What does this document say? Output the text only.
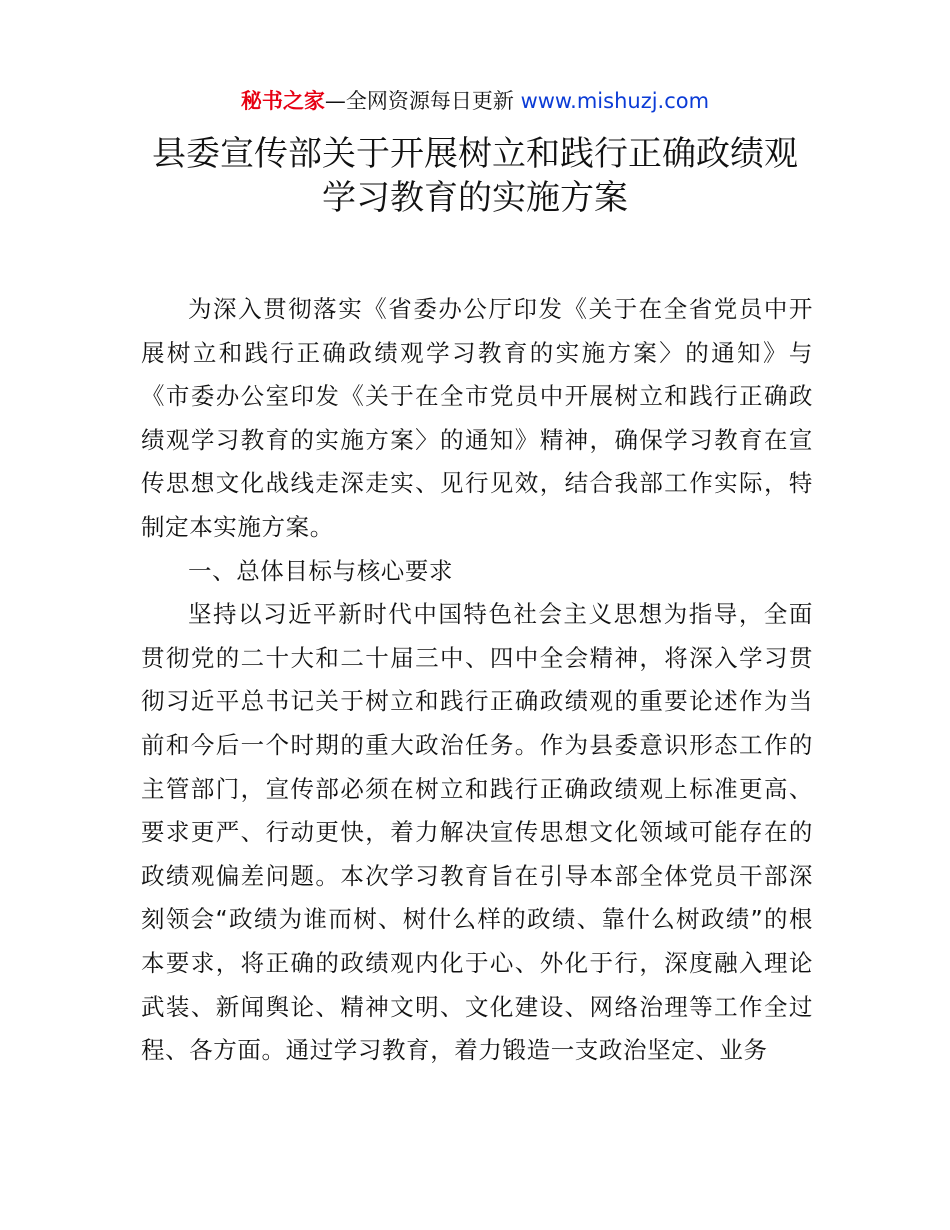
秘书之家—全网资源每日更新 www.mishuzj.com
县委宣传部关于开展树立和践行正确政绩观
学习教育的实施方案

为深入贯彻落实《省委办公厅印发《关于在全省党员中开展树立和践行正确政绩观学习教育的实施方案〉的通知》与《市委办公室印发《关于在全市党员中开展树立和践行正确政绩观学习教育的实施方案〉的通知》精神，确保学习教育在宣传思想文化战线走深走实、见行见效，结合我部工作实际，特制定本实施方案。

一、总体目标与核心要求

坚持以习近平新时代中国特色社会主义思想为指导，全面贯彻党的二十大和二十届三中、四中全会精神，将深入学习贯彻习近平总书记关于树立和践行正确政绩观的重要论述作为当前和今后一个时期的重大政治任务。作为县委意识形态工作的主管部门，宣传部必须在树立和践行正确政绩观上标准更高、要求更严、行动更快，着力解决宣传思想文化领域可能存在的政绩观偏差问题。本次学习教育旨在引导本部全体党员干部深刻领会“政绩为谁而树、树什么样的政绩、靠什么树政绩”的根本要求，将正确的政绩观内化于心、外化于行，深度融入理论武装、新闻舆论、精神文明、文化建设、网络治理等工作全过程、各方面。通过学习教育，着力锻造一支政治坚定、业务
